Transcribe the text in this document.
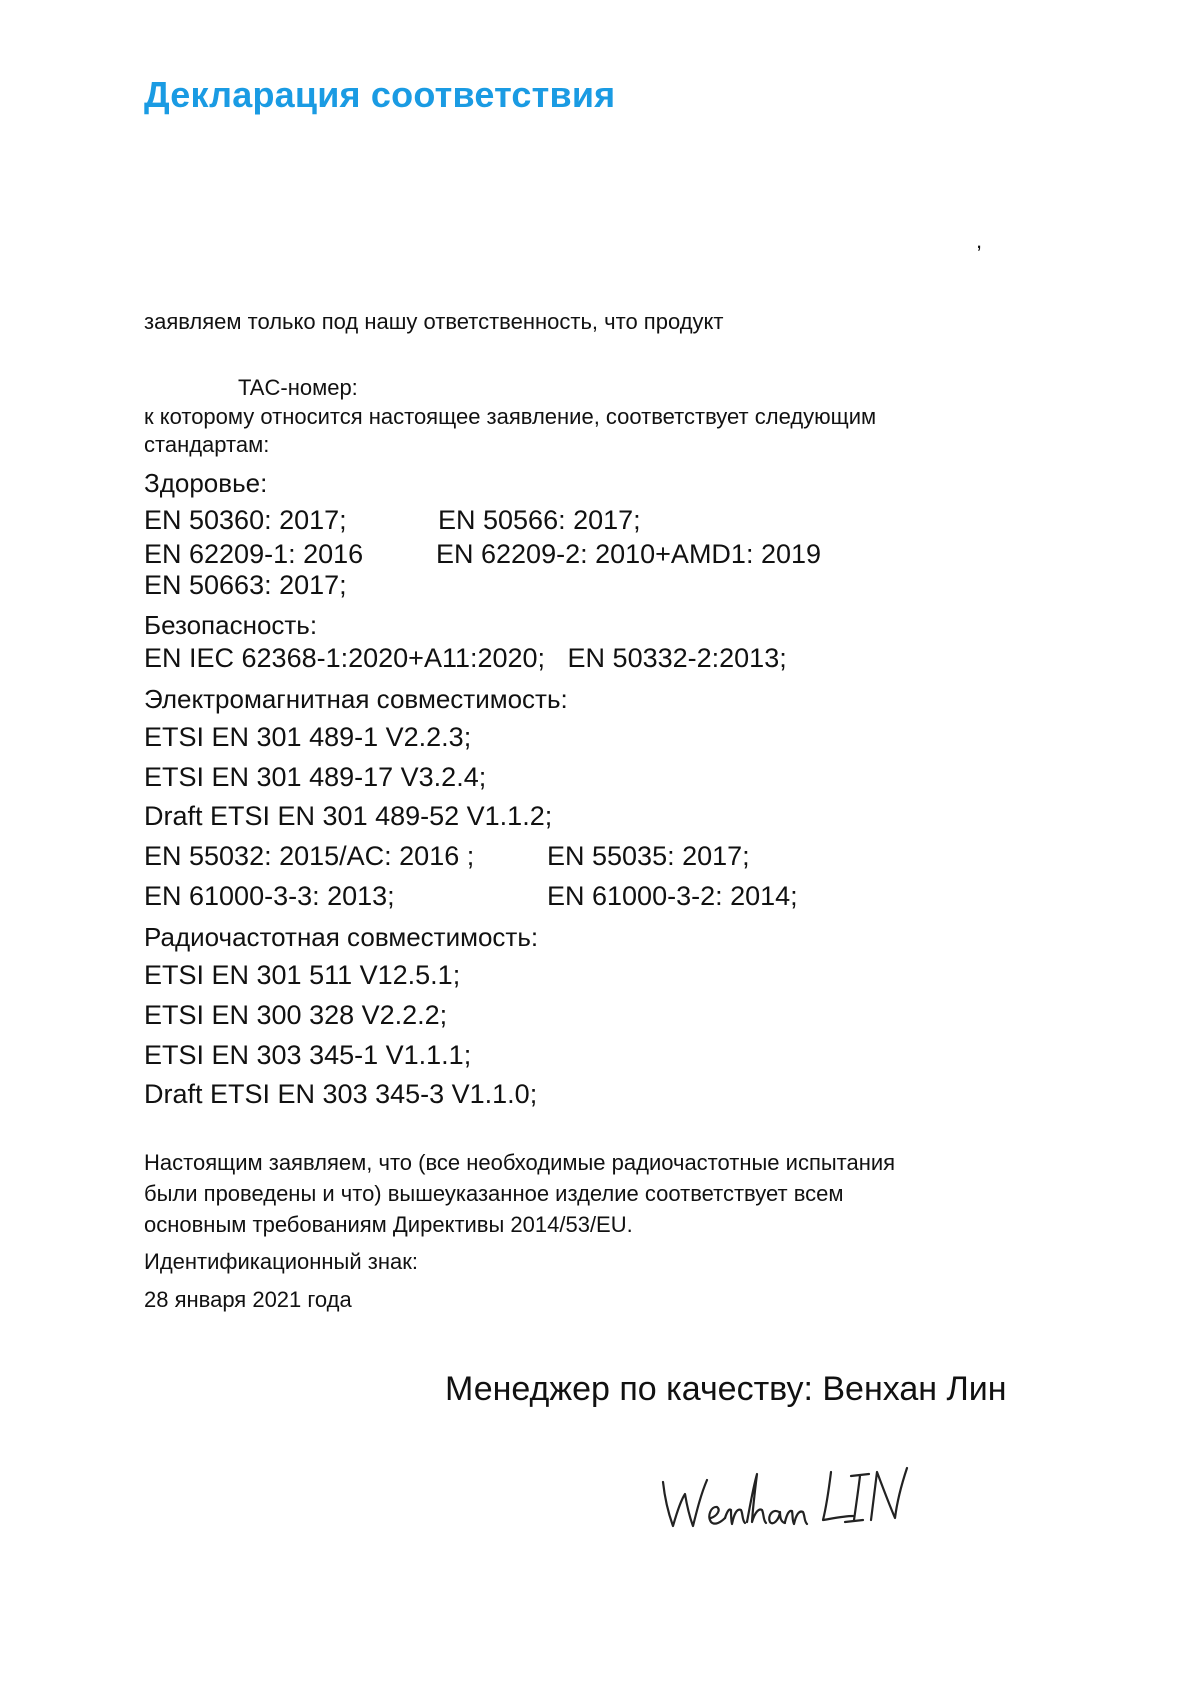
Декларация соответствия
,
заявляем только под нашу ответственность, что продукт
TAC-номер:
к которому относится настоящее заявление, соответствует следующим
стандартам:
Здоровье:
EN 50360: 2017;	EN 50566: 2017;
EN 62209-1: 2016	EN 62209-2: 2010+AMD1: 2019
EN 50663: 2017;
Безопасность:
EN IEC 62368-1:2020+A11:2020;   EN 50332-2:2013;
Электромагнитная совместимость:
ETSI EN 301 489-1 V2.2.3;
ETSI EN 301 489-17 V3.2.4;
Draft ETSI EN 301 489-52 V1.1.2;
EN 55032: 2015/AC: 2016 ;	EN 55035: 2017;
EN 61000-3-3: 2013;	EN 61000-3-2: 2014;
Радиочастотная совместимость:
ETSI EN 301 511 V12.5.1;
ETSI EN 300 328 V2.2.2;
ETSI EN 303 345-1 V1.1.1;
Draft ETSI EN 303 345-3 V1.1.0;
Настоящим заявляем, что (все необходимые радиочастотные испытания
были проведены и что) вышеуказанное изделие соответствует всем
основным требованиям Директивы 2014/53/EU.
Идентификационный знак:
28 января 2021 года
Менеджер по качеству: Венхан Лин
